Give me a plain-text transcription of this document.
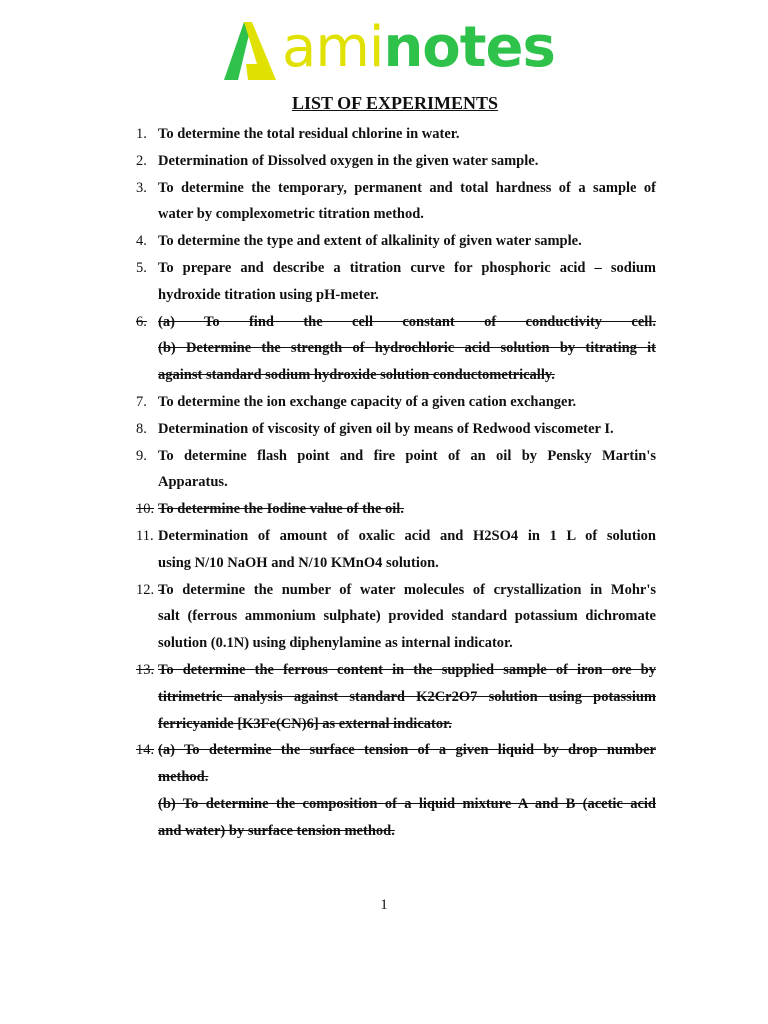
aminotes
LIST OF EXPERIMENTS
1. To determine the total residual chlorine in water.
2. Determination of Dissolved oxygen in the given water sample.
3. To determine the temporary, permanent and total hardness of a sample of
water by complexometric titration method.
4. To determine the type and extent of alkalinity of given water sample.
5. To prepare and describe a titration curve for phosphoric acid – sodium
hydroxide titration using pH-meter.
6. (a) To find the cell constant of conductivity cell.
(b) Determine the strength of hydrochloric acid solution by titrating it
against standard sodium hydroxide solution conductometrically.
7. To determine the ion exchange capacity of a given cation exchanger.
8. Determination of viscosity of given oil by means of Redwood viscometer I.
9. To determine flash point and fire point of an oil by Pensky Martin's
Apparatus.
10. To determine the Iodine value of the oil.
11. Determination of amount of oxalic acid and H2SO4 in 1 L of solution
using N/10 NaOH and N/10 KMnO4 solution.
12. -
To determine the number of water molecules of crystallization in Mohr's
salt (ferrous ammonium sulphate) provided standard potassium dichromate
solution (0.1N) using diphenylamine as internal indicator.
13. To determine the ferrous content in the supplied sample of iron ore by
titrimetric analysis against standard K2Cr2O7 solution using potassium
ferricyanide [K3Fe(CN)6] as external indicator.
14. (a) To determine the surface tension of a given liquid by drop number
method.
(b) To determine the composition of a liquid mixture A and B (acetic acid
and water) by surface tension method.
1
